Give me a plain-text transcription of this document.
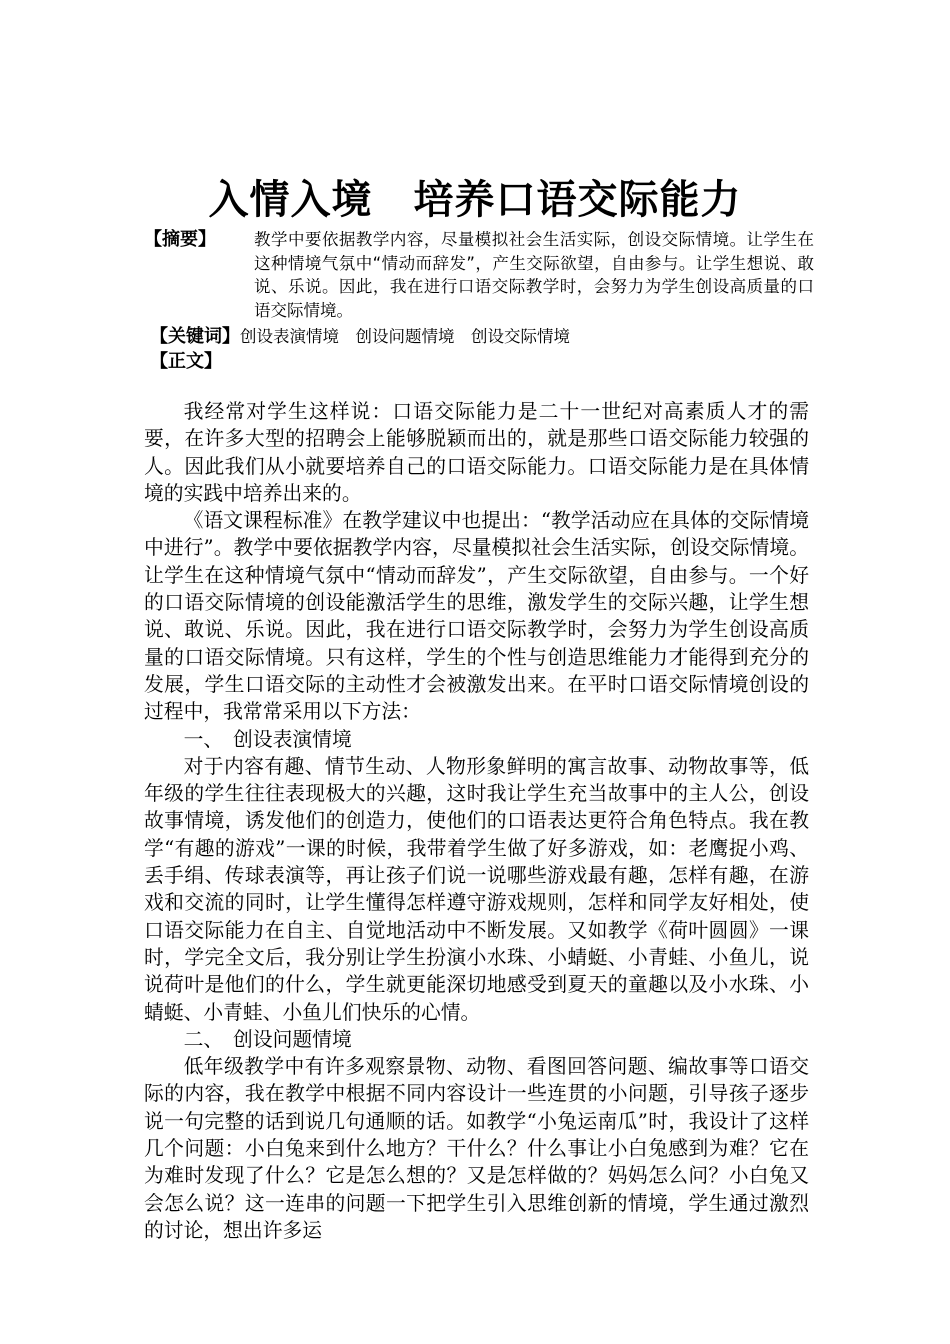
入情入境　培养口语交际能力
【摘要】 教学中要依据教学内容，尽量模拟社会生活实际，创设交际情境。让学生在这种情境气氛中“情动而辞发”，产生交际欲望，自由参与。让学生想说、敢说、乐说。因此，我在进行口语交际教学时，会努力为学生创设高质量的口语交际情境。
【关键词】创设表演情境　创设问题情境　创设交际情境
【正文】

我经常对学生这样说：口语交际能力是二十一世纪对高素质人才的需要，在许多大型的招聘会上能够脱颖而出的，就是那些口语交际能力较强的人。因此我们从小就要培养自己的口语交际能力。口语交际能力是在具体情境的实践中培养出来的。

《语文课程标准》在教学建议中也提出：“教学活动应在具体的交际情境中进行”。教学中要依据教学内容，尽量模拟社会生活实际，创设交际情境。让学生在这种情境气氛中“情动而辞发”，产生交际欲望，自由参与。一个好的口语交际情境的创设能激活学生的思维，激发学生的交际兴趣，让学生想说、敢说、乐说。因此，我在进行口语交际教学时，会努力为学生创设高质量的口语交际情境。只有这样，学生的个性与创造思维能力才能得到充分的发展，学生口语交际的主动性才会被激发出来。在平时口语交际情境创设的过程中，我常常采用以下方法：

一、　创设表演情境

对于内容有趣、情节生动、人物形象鲜明的寓言故事、动物故事等，低年级的学生往往表现极大的兴趣，这时我让学生充当故事中的主人公，创设故事情境，诱发他们的创造力，使他们的口语表达更符合角色特点。我在教学“有趣的游戏”一课的时候，我带着学生做了好多游戏，如：老鹰捉小鸡、丢手绢、传球表演等，再让孩子们说一说哪些游戏最有趣，怎样有趣，在游戏和交流的同时，让学生懂得怎样遵守游戏规则，怎样和同学友好相处，使口语交际能力在自主、自觉地活动中不断发展。又如教学《荷叶圆圆》一课时，学完全文后，我分别让学生扮演小水珠、小蜻蜓、小青蛙、小鱼儿，说说荷叶是他们的什么，学生就更能深切地感受到夏天的童趣以及小水珠、小蜻蜓、小青蛙、小鱼儿们快乐的心情。

二、　创设问题情境

低年级教学中有许多观察景物、动物、看图回答问题、编故事等口语交际的内容，我在教学中根据不同内容设计一些连贯的小问题，引导孩子逐步说一句完整的话到说几句通顺的话。如教学“小兔运南瓜”时，我设计了这样几个问题：小白兔来到什么地方？干什么？什么事让小白兔感到为难？它在为难时发现了什么？它是怎么想的？又是怎样做的？妈妈怎么问？小白兔又会怎么说？这一连串的问题一下把学生引入思维创新的情境，学生通过激烈的讨论，想出许多运
